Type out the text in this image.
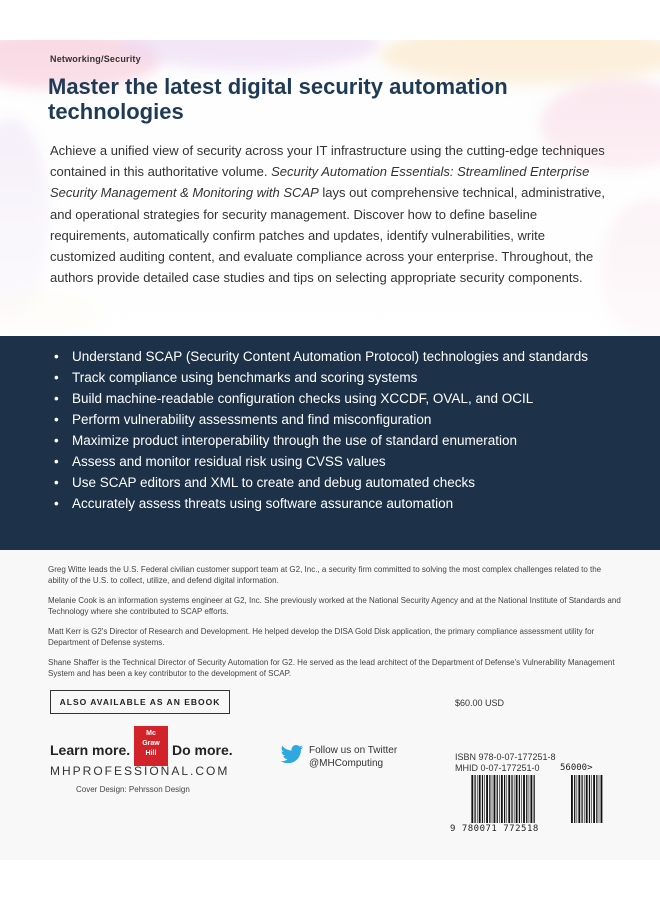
Networking/Security
Master the latest digital security automation technologies
Achieve a unified view of security across your IT infrastructure using the cutting-edge techniques contained in this authoritative volume. Security Automation Essentials: Streamlined Enterprise Security Management & Monitoring with SCAP lays out comprehensive technical, administrative, and operational strategies for security management. Discover how to define baseline requirements, automatically confirm patches and updates, identify vulnerabilities, write customized auditing content, and evaluate compliance across your enterprise. Throughout, the authors provide detailed case studies and tips on selecting appropriate security components.
• Understand SCAP (Security Content Automation Protocol) technologies and standards
• Track compliance using benchmarks and scoring systems
• Build machine-readable configuration checks using XCCDF, OVAL, and OCIL
• Perform vulnerability assessments and find misconfiguration
• Maximize product interoperability through the use of standard enumeration
• Assess and monitor residual risk using CVSS values
• Use SCAP editors and XML to create and debug automated checks
• Accurately assess threats using software assurance automation
Greg Witte leads the U.S. Federal civilian customer support team at G2, Inc., a security firm committed to solving the most complex challenges related to the ability of the U.S. to collect, utilize, and defend digital information.
Melanie Cook is an information systems engineer at G2, Inc. She previously worked at the National Security Agency and at the National Institute of Standards and Technology where she contributed to SCAP efforts.
Matt Kerr is G2's Director of Research and Development. He helped develop the DISA Gold Disk application, the primary compliance assessment utility for Department of Defense systems.
Shane Shaffer is the Technical Director of Security Automation for G2. He served as the lead architect of the Department of Defense's Vulnerability Management System and has been a key contributor to the development of SCAP.
ALSO AVAILABLE AS AN EBOOK
Mc
Graw
Hill
Learn more.	Do more.
MHPROFESSIONAL.COM
Cover Design: Pehrsson Design
Follow us on Twitter
@MHComputing
$60.00 USD
ISBN 978-0-07-177251-8
MHID 0-07-177251-0
9 780071 772518
56000>
